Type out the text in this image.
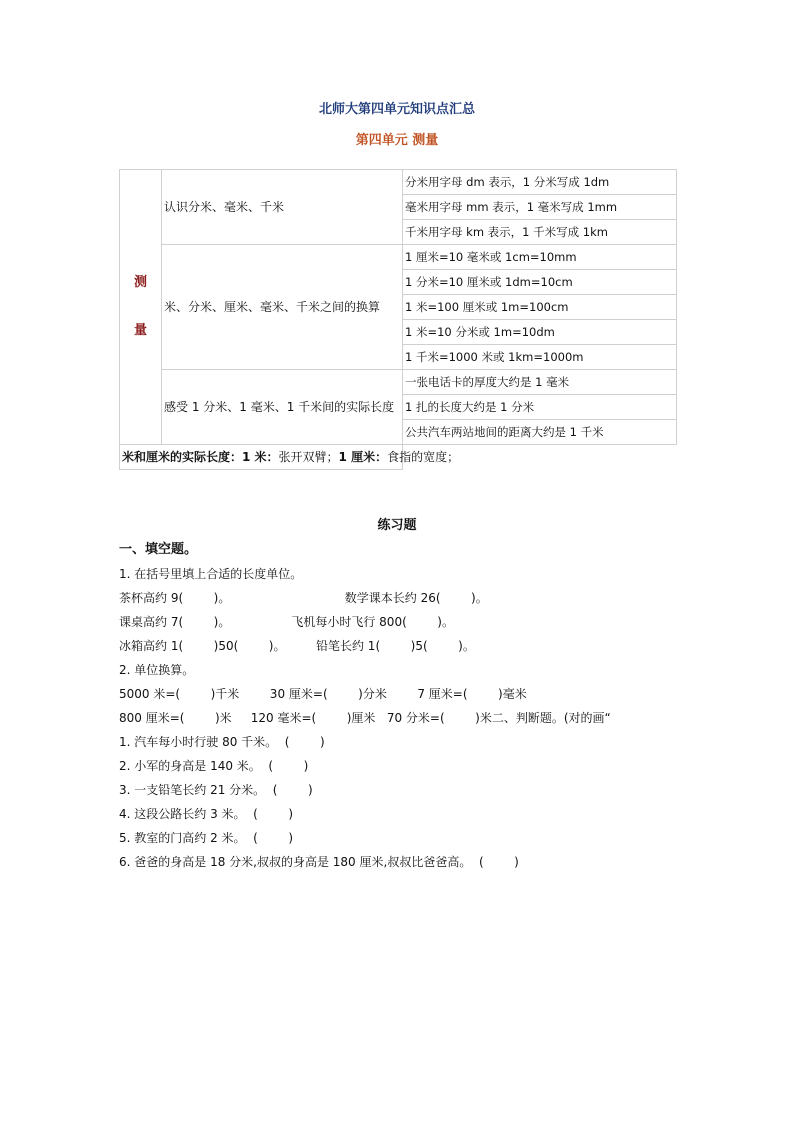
北师大第四单元知识点汇总
第四单元 测量
测
量	认识分米、毫米、千米	分米用字母 dm 表示，1 分米写成 1dm
		毫米用字母 mm 表示，1 毫米写成 1mm
		千米用字母 km 表示，1 千米写成 1km
	米、分米、厘米、毫米、千米之间的换算	1 厘米=10 毫米或 1cm=10mm
		1 分米=10 厘米或 1dm=10cm
		1 米=100 厘米或 1m=100cm
		1 米=10 分米或 1m=10dm
		1 千米=1000 米或 1km=1000m
	感受 1 分米、1 毫米、1 千米间的实际长度	一张电话卡的厚度大约是 1 毫米
		1 扎的长度大约是 1 分米
		公共汽车两站地间的距离大约是 1 千米
米和厘米的实际长度：1 米：张开双臂；1 厘米：食指的宽度；		
练习题
一、填空题。
1. 在括号里填上合适的长度单位。
茶杯高约 9(        )。                              数学课本长约 26(        )。
课桌高约 7(        )。                飞机每小时飞行 800(        )。
冰箱高约 1(        )50(        )。        铅笔长约 1(        )5(        )。
2. 单位换算。
5000 米=(        )千米        30 厘米=(        )分米        7 厘米=(        )毫米
800 厘米=(        )米     120 毫米=(        )厘米   70 分米=(        )米二、判断题。(对的画“
1. 汽车每小时行驶 80 千米。  (        )
2. 小军的身高是 140 米。  (        )
3. 一支铅笔长约 21 分米。  (        )
4. 这段公路长约 3 米。  (        )
5. 教室的门高约 2 米。  (        )
6. 爸爸的身高是 18 分米,叔叔的身高是 180 厘米,叔叔比爸爸高。  (        )
